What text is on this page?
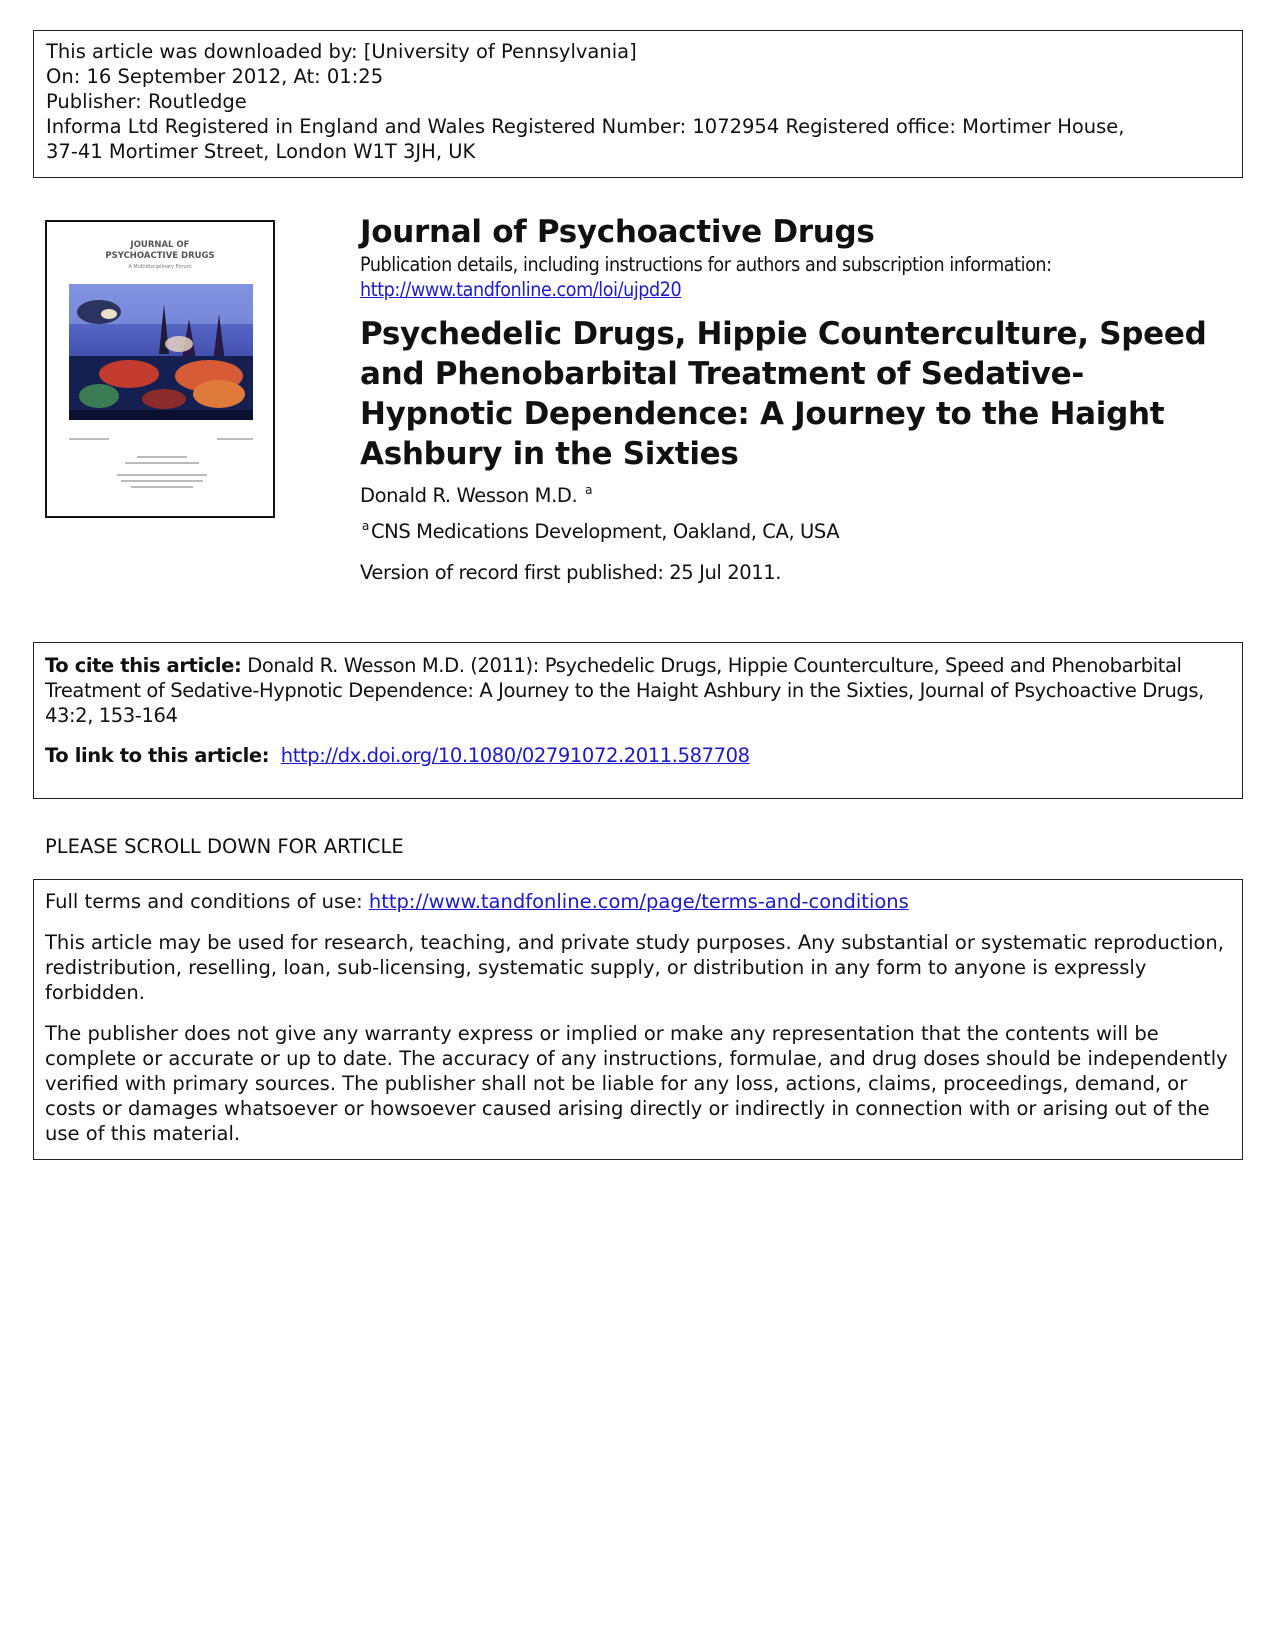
This article was downloaded by: [University of Pennsylvania]
On: 16 September 2012, At: 01:25
Publisher: Routledge
Informa Ltd Registered in England and Wales Registered Number: 1072954 Registered office: Mortimer House,
37-41 Mortimer Street, London W1T 3JH, UK
JOURNAL OF
PSYCHOACTIVE DRUGS
A Multidisciplinary Forum
Journal of Psychoactive Drugs
Publication details, including instructions for authors and subscription information:
http://www.tandfonline.com/loi/ujpd20
Psychedelic Drugs, Hippie Counterculture, Speed and Phenobarbital Treatment of Sedative-Hypnotic Dependence: A Journey to the Haight Ashbury in the Sixties
Donald R. Wesson M.D. $^a$
$^a$ CNS Medications Development, Oakland, CA, USA
Version of record first published: 25 Jul 2011.
To cite this article: Donald R. Wesson M.D. (2011): Psychedelic Drugs, Hippie Counterculture, Speed and Phenobarbital Treatment of Sedative-Hypnotic Dependence: A Journey to the Haight Ashbury in the Sixties, Journal of Psychoactive Drugs, 43:2, 153-164
To link to this article: http://dx.doi.org/10.1080/02791072.2011.587708
PLEASE SCROLL DOWN FOR ARTICLE

Full terms and conditions of use: http://www.tandfonline.com/page/terms-and-conditions

This article may be used for research, teaching, and private study purposes. Any substantial or systematic reproduction, redistribution, reselling, loan, sub-licensing, systematic supply, or distribution in any form to anyone is expressly forbidden.

The publisher does not give any warranty express or implied or make any representation that the contents will be complete or accurate or up to date. The accuracy of any instructions, formulae, and drug doses should be independently verified with primary sources. The publisher shall not be liable for any loss, actions, claims, proceedings, demand, or costs or damages whatsoever or howsoever caused arising directly or indirectly in connection with or arising out of the use of this material.
